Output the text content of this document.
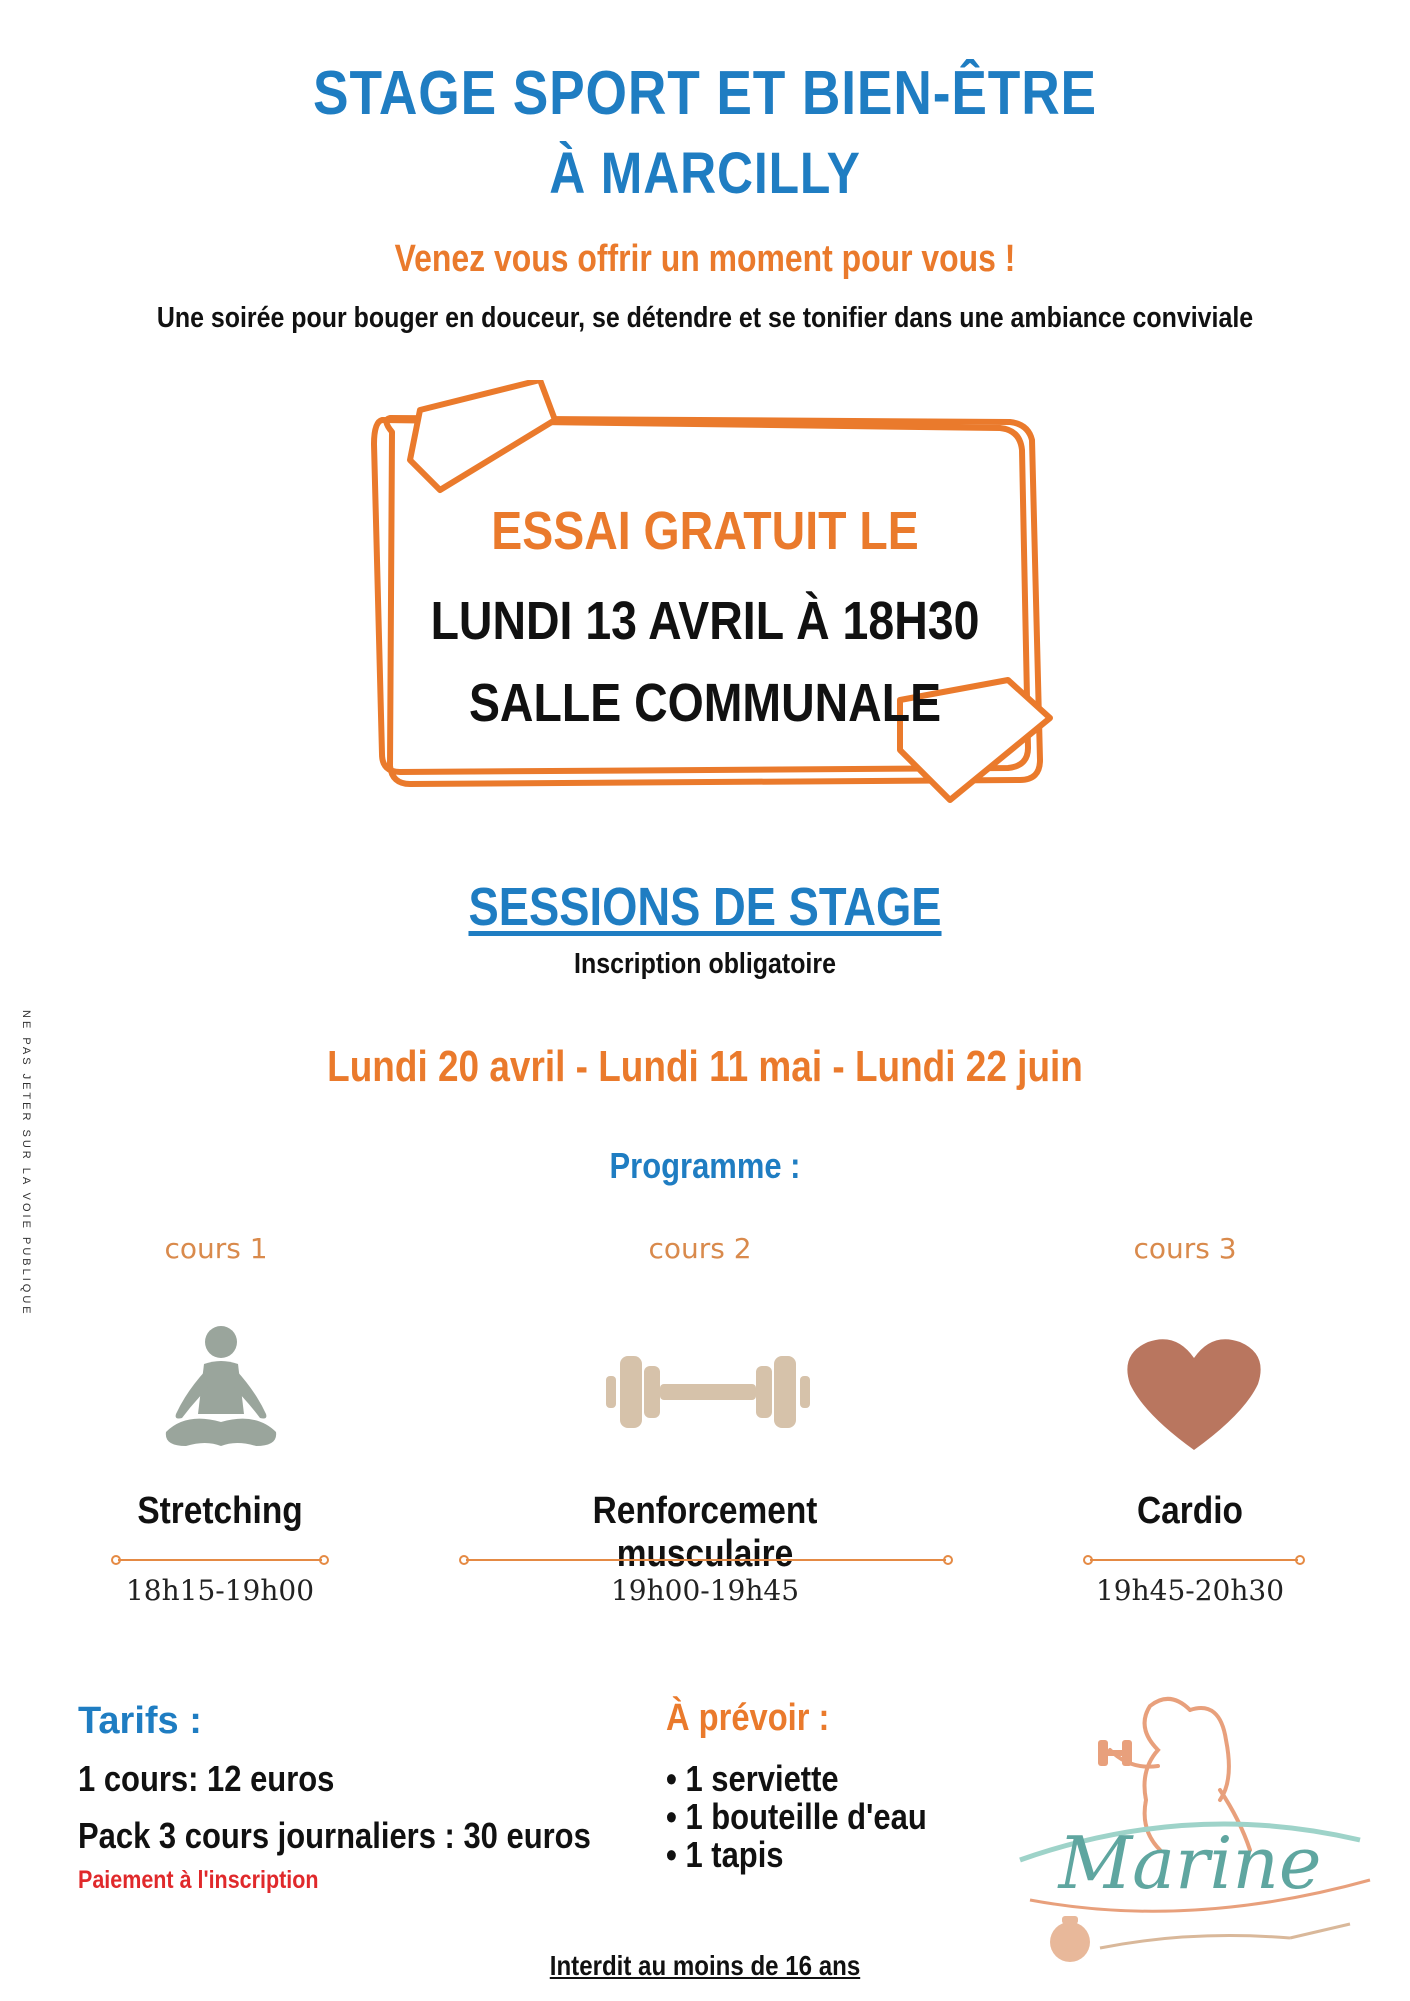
STAGE SPORT ET BIEN-ÊTRE
À MARCILLY
Venez vous offrir un moment pour vous !
Une soirée pour bouger en douceur, se détendre et se tonifier dans une ambiance conviviale
NE PAS JETER SUR LA VOIE PUBLIQUE
ESSAI GRATUIT LE
LUNDI 13 AVRIL À 18H30
SALLE COMMUNALE
SESSIONS DE STAGE
Inscription obligatoire
Lundi 20 avril - Lundi 11 mai - Lundi 22 juin
Programme :
cours 1
Stretching
18h15-19h00
cours 2
Renforcement musculaire
19h00-19h45
cours 3
Cardio
19h45-20h30
Tarifs :
1 cours: 12 euros
Pack 3 cours journaliers : 30 euros
Paiement à l'inscription
À prévoir :
• 1 serviette
• 1 bouteille d'eau
• 1 tapis	Marine
Interdit au moins de 16 ans
